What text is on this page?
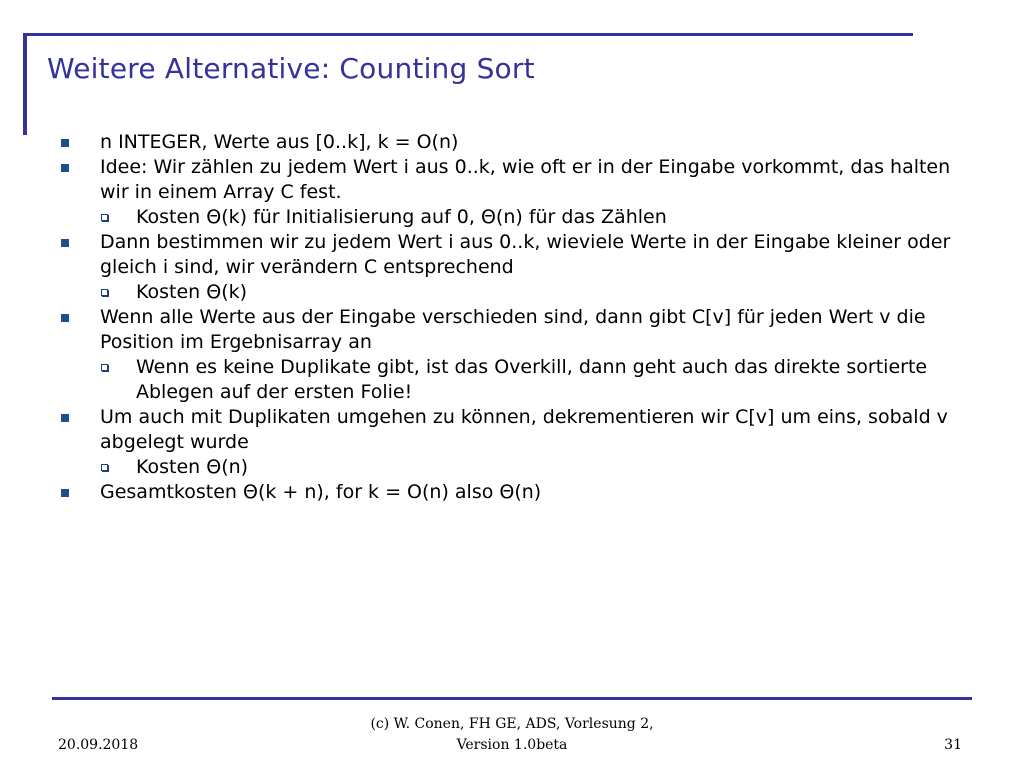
Weitere Alternative: Counting Sort
n INTEGER, Werte aus [0..k], k = O(n)
Idee: Wir zählen zu jedem Wert i aus 0..k, wie oft er in der Eingabe vorkommt, das halten wir in einem Array C fest.
Kosten Θ(k) für Initialisierung auf 0, Θ(n) für das Zählen
Dann bestimmen wir zu jedem Wert i aus 0..k, wieviele Werte in der Eingabe kleiner oder gleich i sind, wir verändern C entsprechend
Kosten Θ(k)
Wenn alle Werte aus der Eingabe verschieden sind, dann gibt C[v] für jeden Wert v die Position im Ergebnisarray an
Wenn es keine Duplikate gibt, ist das Overkill, dann geht auch das direkte sortierte Ablegen auf der ersten Folie!
Um auch mit Duplikaten umgehen zu können, dekrementieren wir C[v] um eins, sobald v abgelegt wurde
Kosten Θ(n)
Gesamtkosten Θ(k + n), for k = O(n) also Θ(n)
20.09.2018
(c) W. Conen, FH GE, ADS, Vorlesung 2,
Version 1.0beta	31
